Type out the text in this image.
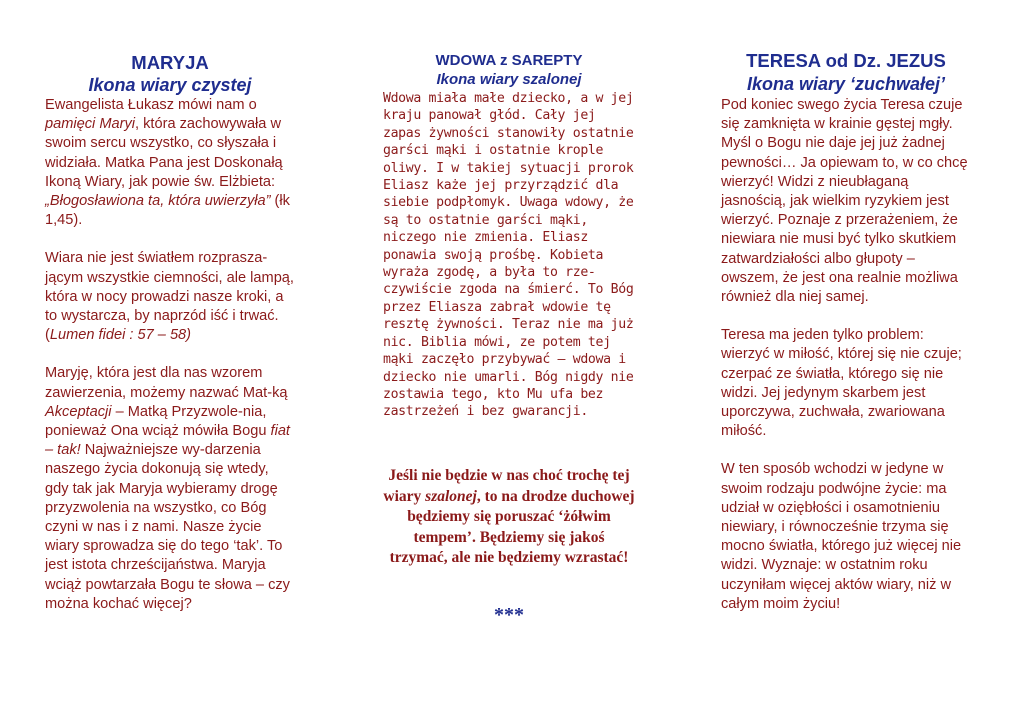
MARYJA
Ikona wiary czystej

Ewangelista Łukasz mówi nam o pamięci Maryi, która zachowywała w swoim sercu wszystko, co słyszała i widziała. Matka Pana jest Doskonałą Ikoną Wiary, jak powie św. Elżbieta: „Błogosławiona ta, która uwierzyła” (łk 1,45).

Wiara nie jest światłem rozprasza-jącym wszystkie ciemności, ale lampą, która w nocy prowadzi nasze kroki, a to wystarcza, by naprzód iść i trwać. (Lumen fidei : 57 – 58)

Maryję, która jest dla nas wzorem zawierzenia, możemy nazwać Mat-ką Akceptacji – Matką Przyzwole-nia, ponieważ Ona wciąż mówiła Bogu fiat – tak! Najważniejsze wy-darzenia naszego życia dokonują się wtedy, gdy tak jak Maryja wybieramy drogę przyzwolenia na wszystko, co Bóg czyni w nas i z nami. Nasze życie wiary sprowadza się do tego ‘tak’. To jest istota chrześcijaństwa. Maryja wciąż powtarzała Bogu te słowa – czy można kochać więcej?

WDOWA z SAREPTY
Ikona wiary szalonej
Wdowa miała małe dziecko, a w jej kraju panował głód. Cały jej zapas żywności stanowiły ostatnie garści mąki i ostatnie krople oliwy. I w takiej sytuacji prorok Eliasz każe jej przyrządzić dla siebie podpłomyk. Uwaga wdowy, że są to ostatnie garści mąki, niczego nie zmienia. Eliasz ponawia swoją prośbę. Kobieta wyraża zgodę, a była to rze-czywiście zgoda na śmierć. To Bóg przez Eliasza zabrał wdowie tę resztę żywności. Teraz nie ma już nic. Biblia mówi, ze potem tej mąki zaczęło przybywać – wdowa i dziecko nie umarli. Bóg nigdy nie zostawia tego, kto Mu ufa bez zastrzeżeń i bez gwarancji.
Jeśli nie będzie w nas choć trochę tej wiary szalonej, to na drodze duchowej będziemy się poruszać ‘żółwim tempem’. Będziemy się jakoś trzymać, ale nie będziemy wzrastać!
***
TERESA od Dz. JEZUS
Ikona wiary ‘zuchwałej’

Pod koniec swego życia Teresa czuje się zamknięta w krainie gęstej mgły. Myśl o Bogu nie daje jej już żadnej pewności… Ja opiewam to, w co chcę wierzyć! Widzi z nieubłaganą jasnością, jak wielkim ryzykiem jest wierzyć. Poznaje z przerażeniem, że niewiara nie musi być tylko skutkiem zatwardziałości albo głupoty – owszem, że jest ona realnie możliwa również dla niej samej.

Teresa ma jeden tylko problem: wierzyć w miłość, której się nie czuje; czerpać ze światła, którego się nie widzi. Jej jedynym skarbem jest uporczywa, zuchwała, zwariowana miłość.

W ten sposób wchodzi w jedyne w swoim rodzaju podwójne życie: ma udział w oziębłości i osamotnieniu niewiary, i równocześnie trzyma się mocno światła, którego już więcej nie widzi. Wyznaje: w ostatnim roku uczyniłam więcej aktów wiary, niż w całym moim życiu!
